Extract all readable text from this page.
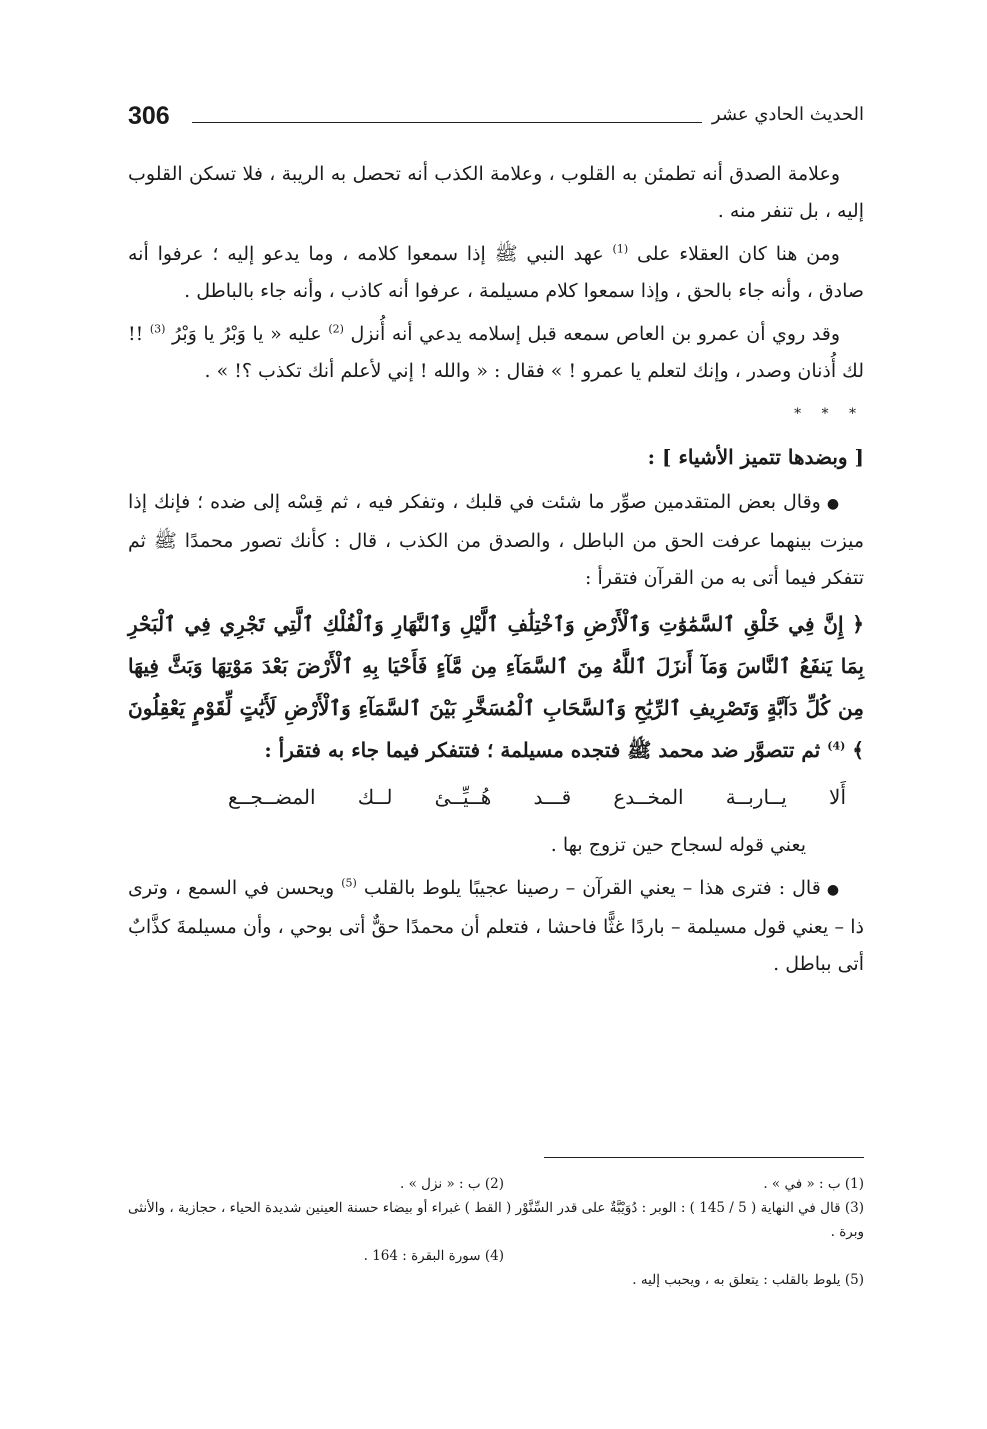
306	الحديث الحادي عشر

وعلامة الصدق أنه تطمئن به القلوب ، وعلامة الكذب أنه تحصل به الريبة ، فلا تسكن القلوب إليه ، بل تنفر منه .

ومن هنا كان العقلاء على $^{(1)}$ عهد النبي ﷺ إذا سمعوا كلامه ، وما يدعو إليه ؛ عرفوا أنه صادق ، وأنه جاء بالحق ، وإذا سمعوا كلام مسيلمة ، عرفوا أنه كاذب ، وأنه جاء بالباطل .

وقد روي أن عمرو بن العاص سمعه قبل إسلامه يدعي أنه أُنزل $^{(2)}$ عليه « يا وَبْرُ يا وَبْرُ $^{(3)}$ !! لك أُذنان وصدر ، وإنك لتعلم يا عمرو ! » فقال : « والله ! إني لأعلم أنك تكذب ؟! » .

* * *

[ وبضدها تتميز الأشياء ] :

●وقال بعض المتقدمين صوِّر ما شئت في قلبك ، وتفكر فيه ، ثم قِسْه إلى ضده ؛ فإنك إذا ميزت بينهما عرفت الحق من الباطل ، والصدق من الكذب ، قال : كأنك تصور محمدًا ﷺ ثم تتفكر فيما أتى به من القرآن فتقرأ :

﴿ إِنَّ فِي خَلْقِ ٱلسَّمَٰوَٰتِ وَٱلْأَرْضِ وَٱخْتِلَٰفِ ٱلَّيْلِ وَٱلنَّهَارِ وَٱلْفُلْكِ ٱلَّتِي تَجْرِي فِي ٱلْبَحْرِ بِمَا يَنفَعُ ٱلنَّاسَ وَمَآ أَنزَلَ ٱللَّهُ مِنَ ٱلسَّمَآءِ مِن مَّآءٍ فَأَحْيَا بِهِ ٱلْأَرْضَ بَعْدَ مَوْتِهَا وَبَثَّ فِيهَا مِن كُلِّ دَآبَّةٍ وَتَصْرِيفِ ٱلرِّيَٰحِ وَٱلسَّحَابِ ٱلْمُسَخَّرِ بَيْنَ ٱلسَّمَآءِ وَٱلْأَرْضِ لَأَيَٰتٍ لِّقَوْمٍ يَعْقِلُونَ ﴾ $^{(4)}$ ثم تتصوَّر ضد محمد ﷺ فتجده مسيلمة ؛ فتتفكر فيما جاء به فتقرأ :

أَلا
يــاربــة
المخــدع
قـــد
هُــيِّــئ
لــك
المضــجــع

يعني قوله لسجاح حين تزوج بها .

●قال : فترى هذا – يعني القرآن – رصينا عجيبًا يلوط بالقلب $^{(5)}$ ويحسن في السمع ، وترى ذا – يعني قول مسيلمة – باردًا غثًّا فاحشا ، فتعلم أن محمدًا حقٌّ أتى بوحي ، وأن مسيلمةَ كذَّابٌ أتى بباطل .

(1) ب : « في » .
(2) ب : « نزل » .
(3) قال في النهاية ( 5 / 145 ) : الوبر : دُوَيْبَّةٌ على قدر السِّنَّوْر ( القط ) غبراء أو بيضاء حسنة العينين شديدة الحياء ، حجازية ، والأنثى وبرة .
(4) سورة البقرة : 164 .
(5) يلوط بالقلب : يتعلق به ، ويحبب إليه .
